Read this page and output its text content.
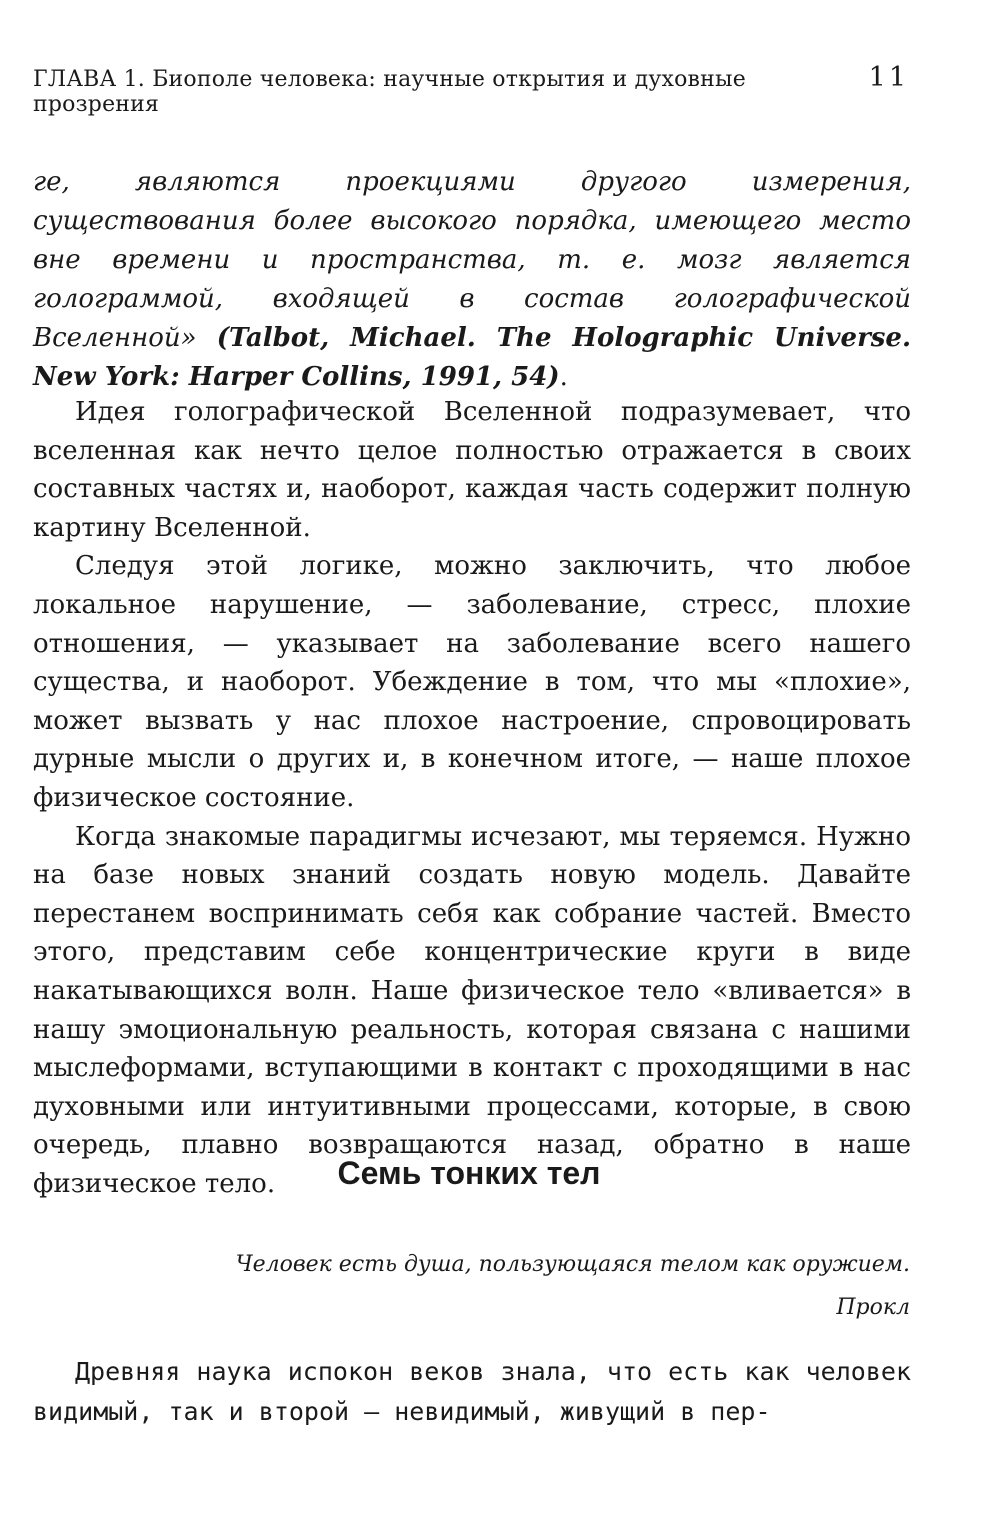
ГЛАВА 1. Биополе человека: научные открытия и духовные прозрения
11
ге, являются проекциями другого измерения, существования более высокого порядка, имеющего место вне времени и пространства, т. е. мозг является голограммой, входящей в состав голографической Вселенной» (Talbot, Michael. The Holographic Universe. New York: Harper Collins, 1991, 54).

Идея голографической Вселенной подразумевает, что вселенная как нечто целое полностью отражается в своих составных частях и, наоборот, каждая часть содержит полную картину Вселенной.

Следуя этой логике, можно заключить, что любое локальное нарушение, — заболевание, стресс, плохие отношения, — указывает на заболевание всего нашего существа, и наоборот. Убеждение в том, что мы «плохие», может вызвать у нас плохое настроение, спровоцировать дурные мысли о других и, в конечном итоге, — наше плохое физическое состояние.

Когда знакомые парадигмы исчезают, мы теряемся. Нужно на базе новых знаний создать новую модель. Давайте перестанем воспринимать себя как собрание частей. Вместо этого, представим себе концентрические круги в виде накатывающихся волн. Наше физическое тело «вливается» в нашу эмоциональную реальность, которая связана с нашими мыслеформами, вступающими в контакт с проходящими в нас духовными или интуитивными процессами, которые, в свою очередь, плавно возвращаются назад, обратно в наше физическое тело.	Семь тонких тел
Человек есть душа, пользующаяся телом как оружием.
Прокл

Древняя наука испокон веков знала, что есть как человек видимый, так и второй — невидимый, живущий в пер-
